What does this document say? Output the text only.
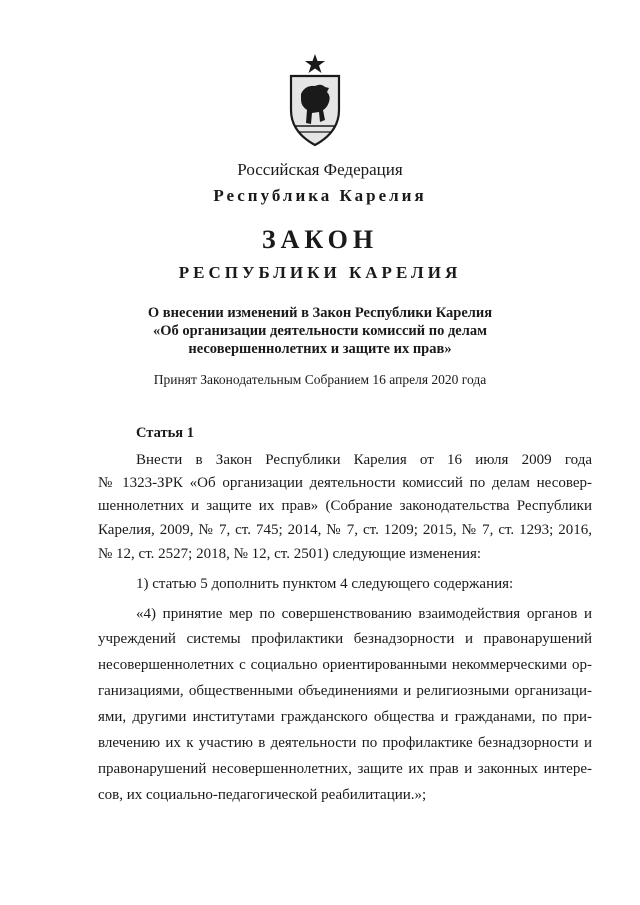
Российская Федерация
Республика Карелия
ЗАКОН
РЕСПУБЛИКИ КАРЕЛИЯ
О внесении изменений в Закон Республики Карелия
«Об организации деятельности комиссий по делам
несовершеннолетних и защите их прав»
Принят Законодательным Собранием 16 апреля 2020 года
Статья 1
Внести в Закон Республики Карелия от 16 июля 2009 года
№ 1323-ЗРК «Об организации деятельности комиссий по делам несовер-
шеннолетних и защите их прав» (Собрание законодательства Республики
Карелия, 2009, № 7, ст. 745; 2014, № 7, ст. 1209; 2015, № 7, ст. 1293; 2016,
№ 12, ст. 2527; 2018, № 12, ст. 2501) следующие изменения:
1) статью 5 дополнить пунктом 4 следующего содержания:
«4) принятие мер по совершенствованию взаимодействия органов и
учреждений системы профилактики безнадзорности и правонарушений
несовершеннолетних с социально ориентированными некоммерческими ор-
ганизациями, общественными объединениями и религиозными организаци-
ями, другими институтами гражданского общества и гражданами, по при-
влечению их к участию в деятельности по профилактике безнадзорности и
правонарушений несовершеннолетних, защите их прав и законных интере-
сов, их социально-педагогической реабилитации.»;
